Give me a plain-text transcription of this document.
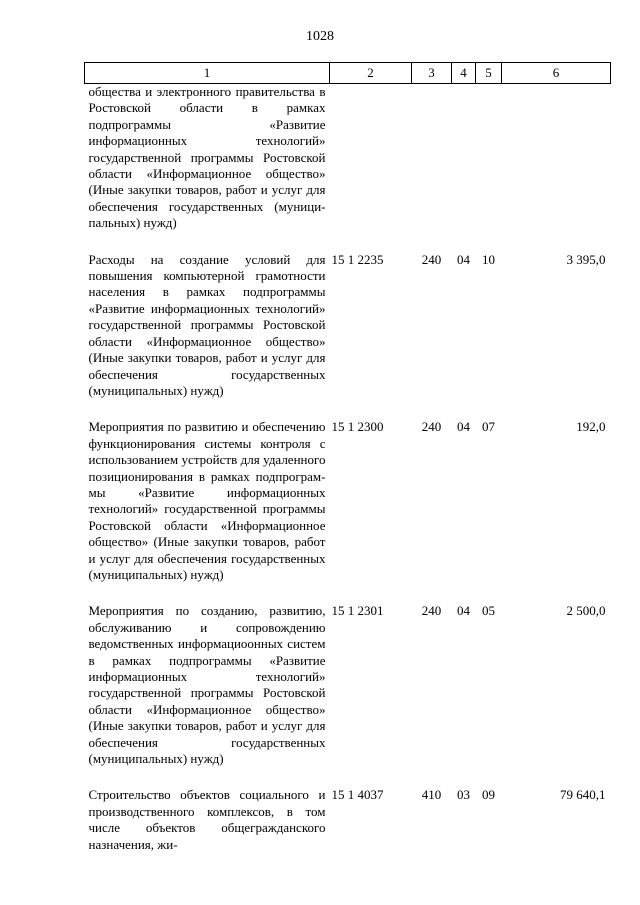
1028
1	2	3	4	5	6
общества и электронного правительства в Ростовской области в рамках подпрограммы «Развитие информационных технологий» государственной программы Ростовской области «Информационное общество» (Иные закупки товаров, работ и услуг для обеспечения государственных (муниципальных) нужд)					

Расходы на создание условий для повышения компьютерной грамотности населения в рамках подпрограммы «Развитие информационных технологий» государственной программы Ростовской области «Информационное общество» (Иные закупки товаров, работ и услуг для обеспечения государственных (муниципальных) нужд)	15 1 2235	240	04	10	3 395,0

Мероприятия по развитию и обеспечению функционирования системы контроля с использованием устройств для удаленного позиционирования в рамках подпрограммы «Развитие информационных технологий» государственной программы Ростовской области «Информационное общество» (Иные закупки товаров, работ и услуг для обеспечения государственных (муниципальных) нужд)	15 1 2300	240	04	07	192,0

Мероприятия по созданию, развитию, обслуживанию и сопровождению ведомственных информациоонных систем в рамках подпрограммы «Развитие информационных технологий» государственной программы Ростовской области «Информационное общество» (Иные закупки товаров, работ и услуг для обеспечения государственных (муниципальных) нужд)	15 1 2301	240	04	05	2 500,0

Строительство объектов социального и производственного комплексов, в том числе объектов общегражданского назначения, жи-	15 1 4037	410	03	09	79 640,1
